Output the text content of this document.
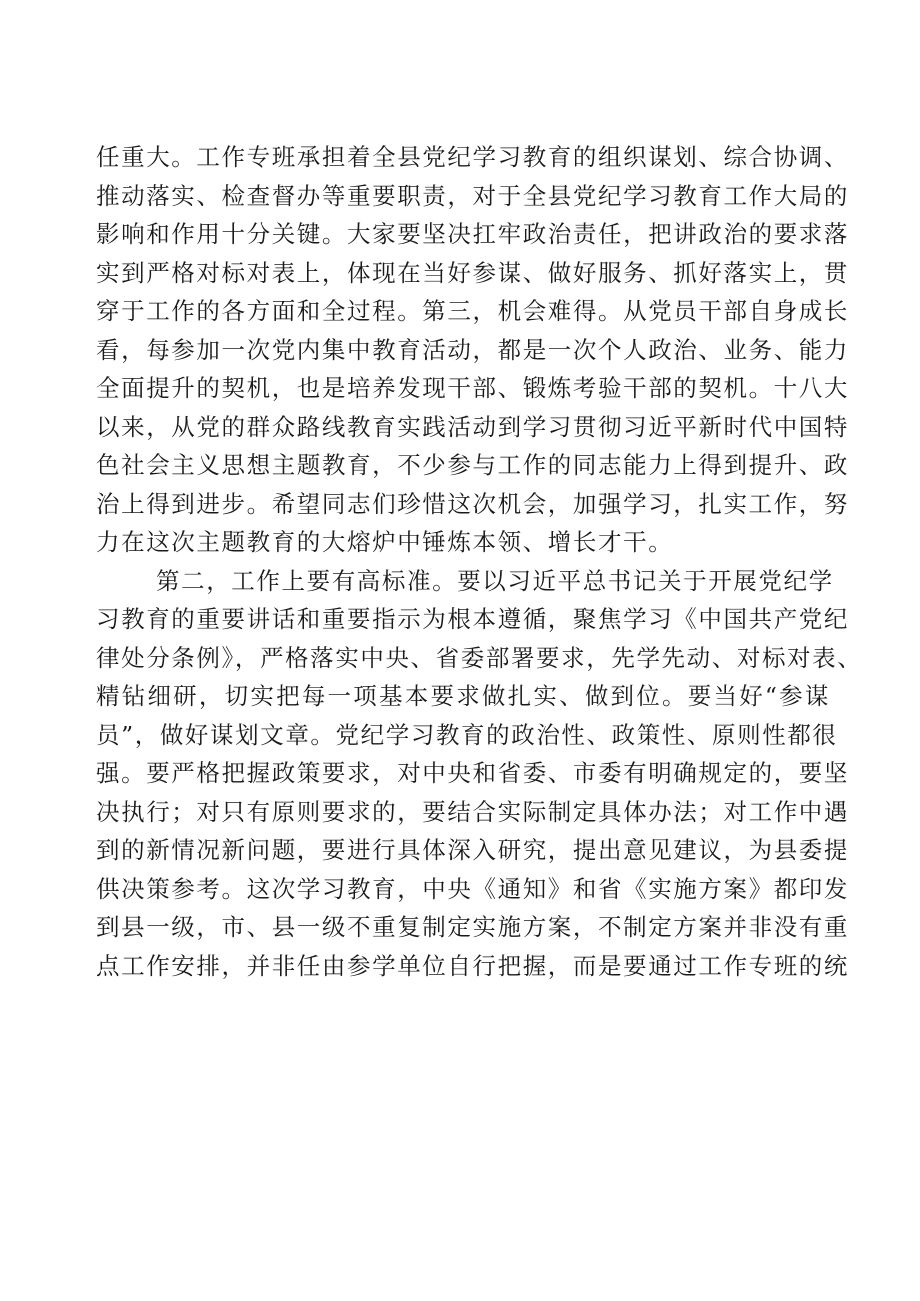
任重大。工作专班承担着全县党纪学习教育的组织谋划、综合协调、
推动落实、检查督办等重要职责，对于全县党纪学习教育工作大局的
影响和作用十分关键。大家要坚决扛牢政治责任，把讲政治的要求落
实到严格对标对表上，体现在当好参谋、做好服务、抓好落实上，贯
穿于工作的各方面和全过程。第三，机会难得。从党员干部自身成长
看，每参加一次党内集中教育活动，都是一次个人政治、业务、能力
全面提升的契机，也是培养发现干部、锻炼考验干部的契机。十八大
以来，从党的群众路线教育实践活动到学习贯彻习近平新时代中国特
色社会主义思想主题教育，不少参与工作的同志能力上得到提升、政
治上得到进步。希望同志们珍惜这次机会，加强学习，扎实工作，努
力在这次主题教育的大熔炉中锤炼本领、增长才干。
第二，工作上要有高标准。要以习近平总书记关于开展党纪学
习教育的重要讲话和重要指示为根本遵循，聚焦学习《中国共产党纪
律处分条例》，严格落实中央、省委部署要求，先学先动、对标对表、
精钻细研，切实把每一项基本要求做扎实、做到位。要当好“参谋
员”，做好谋划文章。党纪学习教育的政治性、政策性、原则性都很
强。要严格把握政策要求，对中央和省委、市委有明确规定的，要坚
决执行；对只有原则要求的，要结合实际制定具体办法；对工作中遇
到的新情况新问题，要进行具体深入研究，提出意见建议，为县委提
供决策参考。这次学习教育，中央《通知》和省《实施方案》都印发
到县一级，市、县一级不重复制定实施方案，不制定方案并非没有重
点工作安排，并非任由参学单位自行把握，而是要通过工作专班的统
